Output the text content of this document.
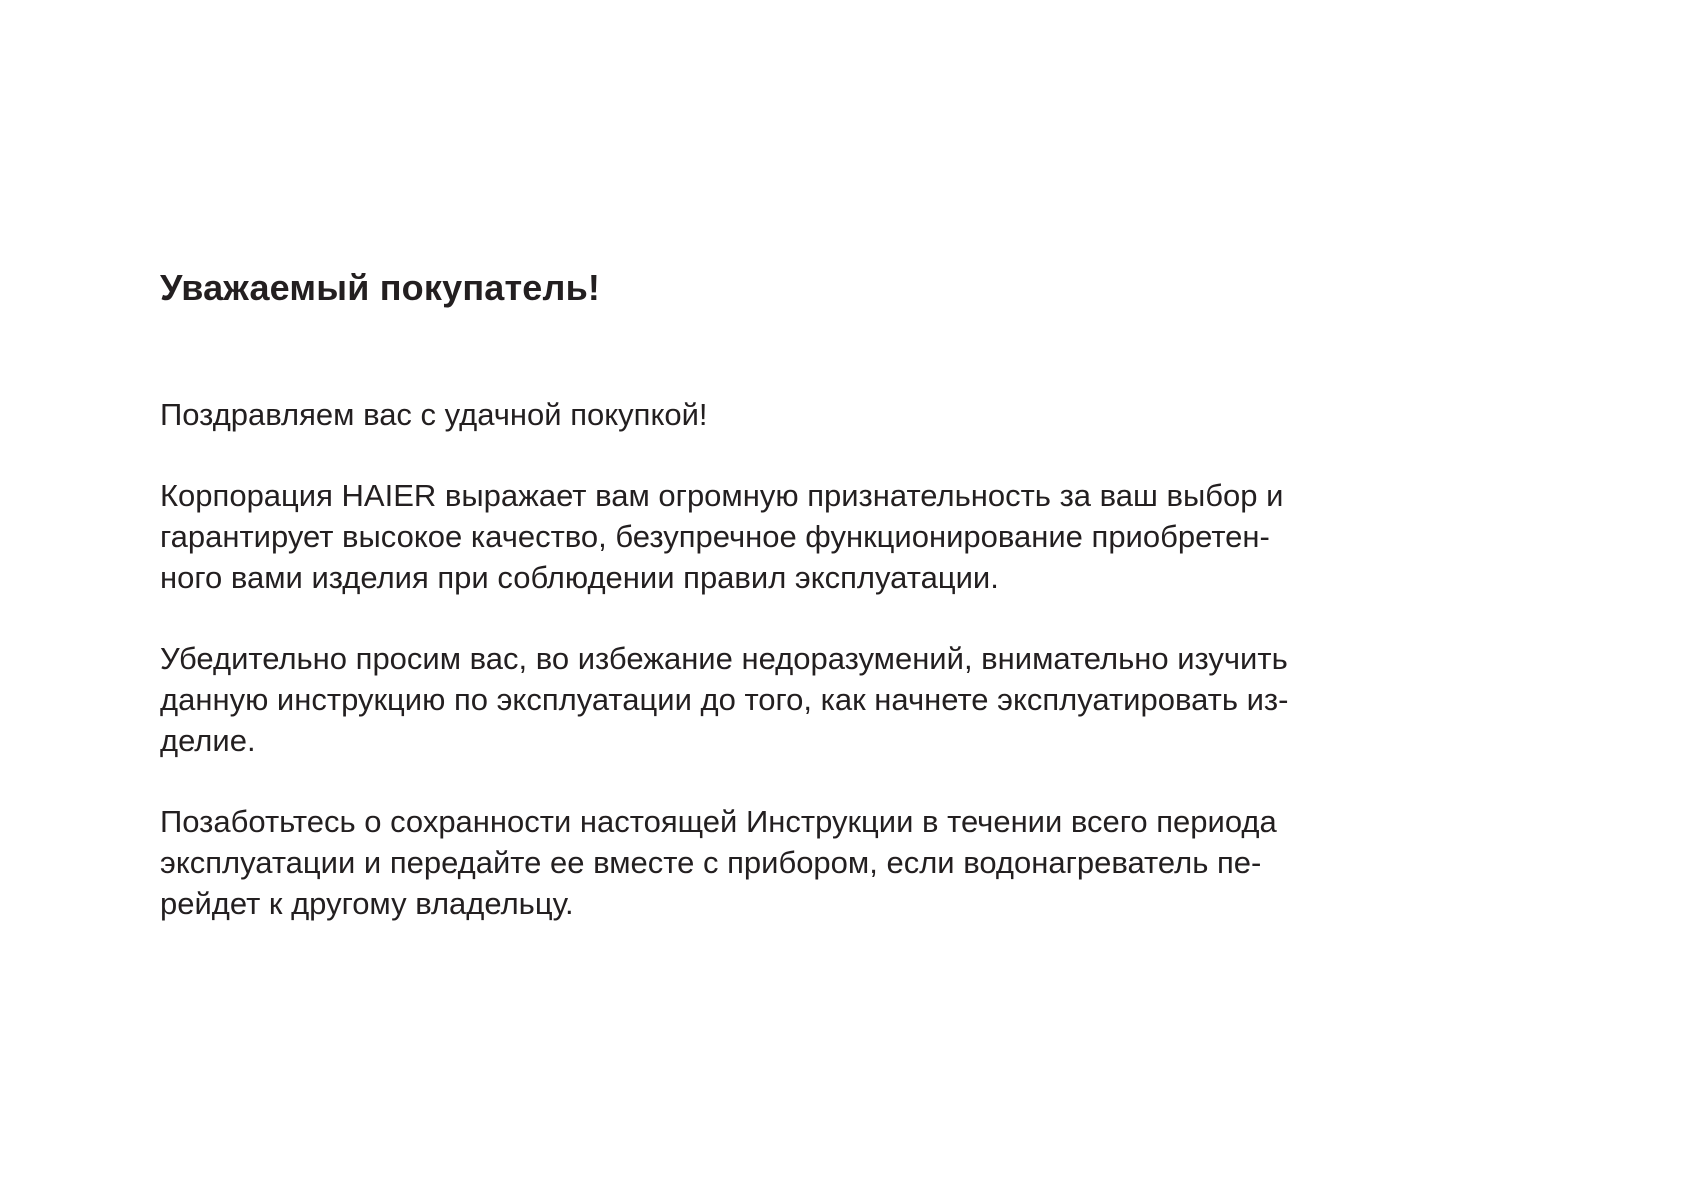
Уважаемый покупатель!

Поздравляем вас с удачной покупкой!

Корпорация HAIER выражает вам огромную признательность за ваш выбор и
гарантирует высокое качество, безупречное функционирование приобретен-
ного вами изделия при соблюдении правил эксплуатации.

Убедительно просим вас, во избежание недоразумений, внимательно изучить
данную инструкцию по эксплуатации до того, как начнете эксплуатировать из-
делие.

Позаботьтесь о сохранности настоящей Инструкции в течении всего периода
эксплуатации и передайте ее вместе с прибором, если водонагреватель пе-
рейдет к другому владельцу.
